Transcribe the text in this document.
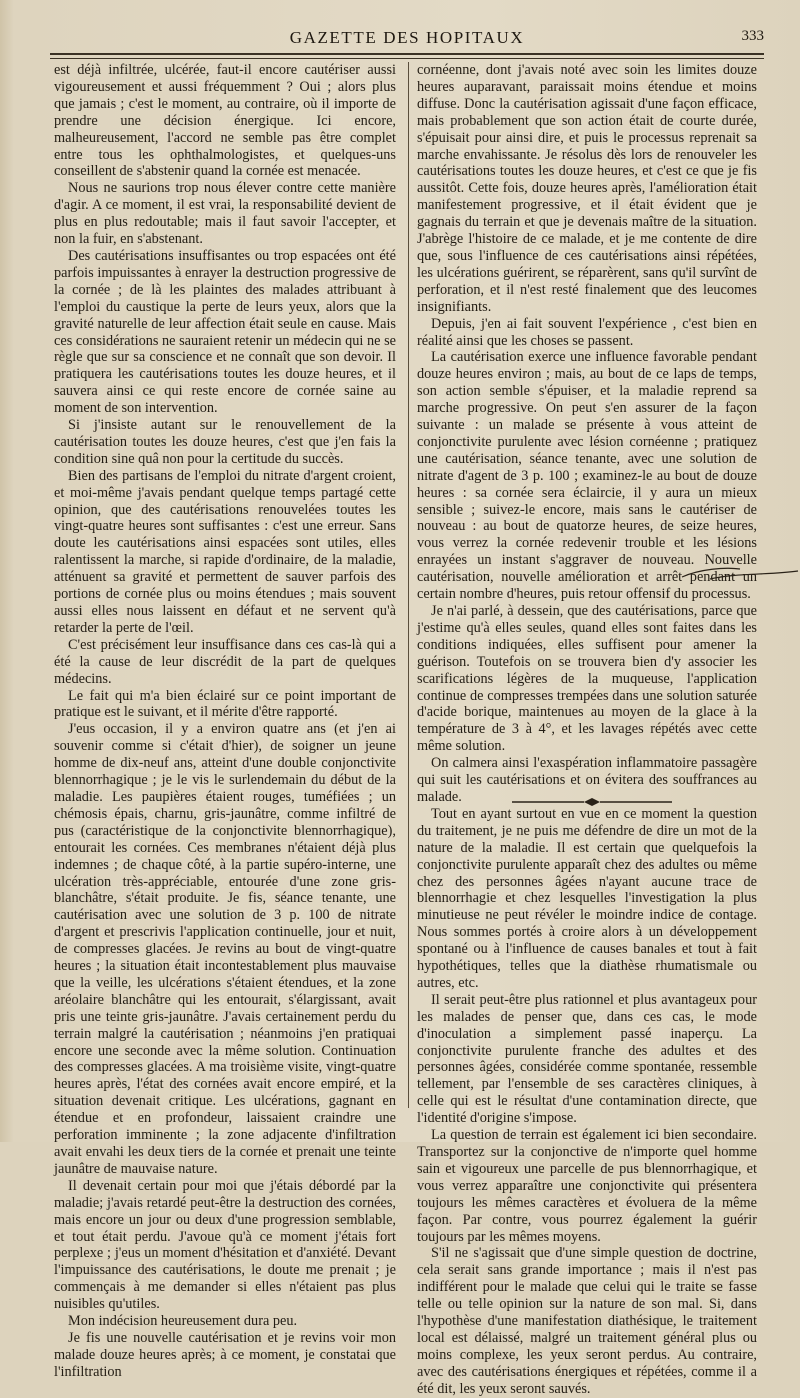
GAZETTE DES HOPITAUX	333

est déjà infiltrée, ulcérée, faut-il encore cautériser aussi vigoureusement et aussi fréquemment ? Oui ; alors plus que jamais ; c'est le moment, au contraire, où il importe de prendre une décision énergique. Ici encore, malheureusement, l'accord ne semble pas être complet entre tous les ophthalmologistes, et quelques-uns conseillent de s'abstenir quand la cornée est menacée.

Nous ne saurions trop nous élever contre cette manière d'agir. A ce moment, il est vrai, la responsabilité devient de plus en plus redoutable; mais il faut savoir l'accepter, et non la fuir, en s'abstenant.

Des cautérisations insuffisantes ou trop espacées ont été parfois impuissantes à enrayer la destruction progressive de la cornée ; de là les plaintes des malades attribuant à l'emploi du caustique la perte de leurs yeux, alors que la gravité naturelle de leur affection était seule en cause. Mais ces considérations ne sauraient retenir un médecin qui ne se règle que sur sa conscience et ne connaît que son devoir. Il pratiquera les cautérisations toutes les douze heures, et il sauvera ainsi ce qui reste encore de cornée saine au moment de son intervention.

Si j'insiste autant sur le renouvellement de la cautérisation toutes les douze heures, c'est que j'en fais la condition sine quâ non pour la certitude du succès.

Bien des partisans de l'emploi du nitrate d'argent croient, et moi-même j'avais pendant quelque temps partagé cette opinion, que des cautérisations renouvelées toutes les vingt-quatre heures sont suffisantes : c'est une erreur. Sans doute les cautérisations ainsi espacées sont utiles, elles ralentissent la marche, si rapide d'ordinaire, de la maladie, atténuent sa gravité et permettent de sauver parfois des portions de cornée plus ou moins étendues ; mais souvent aussi elles nous laissent en défaut et ne servent qu'à retarder la perte de l'œil.

C'est précisément leur insuffisance dans ces cas-là qui a été la cause de leur discrédit de la part de quelques médecins.

Le fait qui m'a bien éclairé sur ce point important de pratique est le suivant, et il mérite d'être rapporté.

J'eus occasion, il y a environ quatre ans (et j'en ai souvenir comme si c'était d'hier), de soigner un jeune homme de dix-neuf ans, atteint d'une double conjonctivite blennorrhagique ; je le vis le surlendemain du début de la maladie. Les paupières étaient rouges, tuméfiées ; un chémosis épais, charnu, gris-jaunâtre, comme infiltré de pus (caractéristique de la conjonctivite blennorrhagique), entourait les cornées. Ces membranes n'étaient déjà plus indemnes ; de chaque côté, à la partie supéro-interne, une ulcération très-appréciable, entourée d'une zone gris-blanchâtre, s'était produite. Je fis, séance tenante, une cautérisation avec une solution de 3 p. 100 de nitrate d'argent et prescrivis l'application continuelle, jour et nuit, de compresses glacées. Je revins au bout de vingt-quatre heures ; la situation était incontestablement plus mauvaise que la veille, les ulcérations s'étaient étendues, et la zone aréolaire blanchâtre qui les entourait, s'élargissant, avait pris une teinte gris-jaunâtre. J'avais certainement perdu du terrain malgré la cautérisation ; néanmoins j'en pratiquai encore une seconde avec la même solution. Continuation des compresses glacées. A ma troisième visite, vingt-quatre heures après, l'état des cornées avait encore empiré, et la situation devenait critique. Les ulcérations, gagnant en étendue et en profondeur, laissaient craindre une perforation imminente ; la zone adjacente d'infiltration avait envahi les deux tiers de la cornée et prenait une teinte jaunâtre de mauvaise nature.

Il devenait certain pour moi que j'étais débordé par la maladie; j'avais retardé peut-être la destruction des cornées, mais encore un jour ou deux d'une progression semblable, et tout était perdu. J'avoue qu'à ce moment j'étais fort perplexe ; j'eus un moment d'hésitation et d'anxiété. Devant l'impuissance des cautérisations, le doute me prenait ; je commençais à me demander si elles n'étaient pas plus nuisibles qu'utiles.

Mon indécision heureusement dura peu.

Je fis une nouvelle cautérisation et je revins voir mon malade douze heures après; à ce moment, je constatai que l'infiltration

cornéenne, dont j'avais noté avec soin les limites douze heures auparavant, paraissait moins étendue et moins diffuse. Donc la cautérisation agissait d'une façon efficace, mais probablement que son action était de courte durée, s'épuisait pour ainsi dire, et puis le processus reprenait sa marche envahissante. Je résolus dès lors de renouveler les cautérisations toutes les douze heures, et c'est ce que je fis aussitôt. Cette fois, douze heures après, l'amélioration était manifestement progressive, et il était évident que je gagnais du terrain et que je devenais maître de la situation. J'abrège l'histoire de ce malade, et je me contente de dire que, sous l'influence de ces cautérisations ainsi répétées, les ulcérations guérirent, se réparèrent, sans qu'il survînt de perforation, et il n'est resté finalement que des leucomes insignifiants.

Depuis, j'en ai fait souvent l'expérience , c'est bien en réalité ainsi que les choses se passent.

La cautérisation exerce une influence favorable pendant douze heures environ ; mais, au bout de ce laps de temps, son action semble s'épuiser, et la maladie reprend sa marche progressive. On peut s'en assurer de la façon suivante : un malade se présente à vous atteint de conjonctivite purulente avec lésion cornéenne ; pratiquez une cautérisation, séance tenante, avec une solution de nitrate d'agent de 3 p. 100 ; examinez-le au bout de douze heures : sa cornée sera éclaircie, il y aura un mieux sensible ; suivez-le encore, mais sans le cautériser de nouveau : au bout de quatorze heures, de seize heures, vous verrez la cornée redevenir trouble et les lésions enrayées un instant s'aggraver de nouveau. Nouvelle cautérisation, nouvelle amélioration et arrêt pendant un certain nombre d'heures, puis retour offensif du processus.

Je n'ai parlé, à dessein, que des cautérisations, parce que j'estime qu'à elles seules, quand elles sont faites dans les conditions indiquées, elles suffisent pour amener la guérison. Toutefois on se trouvera bien d'y associer les scarifications légères de la muqueuse, l'application continue de compresses trempées dans une solution saturée d'acide borique, maintenues au moyen de la glace à la température de 3 à 4°, et les lavages répétés avec cette même solution.

On calmera ainsi l'exaspération inflammatoire passagère qui suit les cautérisations et on évitera des souffrances au malade.

Tout en ayant surtout en vue en ce moment la question du traitement, je ne puis me défendre de dire un mot de la nature de la maladie. Il est certain que quelquefois la conjonctivite purulente apparaît chez des adultes ou même chez des personnes âgées n'ayant aucune trace de blennorrhagie et chez lesquelles l'investigation la plus minutieuse ne peut révéler le moindre indice de contage. Nous sommes portés à croire alors à un développement spontané ou à l'influence de causes banales et tout à fait hypothétiques, telles que la diathèse rhumatismale ou autres, etc.

Il serait peut-être plus rationnel et plus avantageux pour les malades de penser que, dans ces cas, le mode d'inoculation a simplement passé inaperçu. La conjonctivite purulente franche des adultes et des personnes âgées, considérée comme spontanée, ressemble tellement, par l'ensemble de ses caractères cliniques, à celle qui est le résultat d'une contamination directe, que l'identité d'origine s'impose.

La question de terrain est également ici bien secondaire. Transportez sur la conjonctive de n'importe quel homme sain et vigoureux une parcelle de pus blennorrhagique, et vous verrez apparaître une conjonctivite qui présentera toujours les mêmes caractères et évoluera de la même façon. Par contre, vous pourrez également la guérir toujours par les mêmes moyens.

S'il ne s'agissait que d'une simple question de doctrine, cela serait sans grande importance ; mais il n'est pas indifférent pour le malade que celui qui le traite se fasse telle ou telle opinion sur la nature de son mal. Si, dans l'hypothèse d'une manifestation diathésique, le traitement local est délaissé, malgré un traitement général plus ou moins complexe, les yeux seront perdus. Au contraire, avec des cautérisations énergiques et répétées, comme il a été dit, les yeux seront sauvés.
